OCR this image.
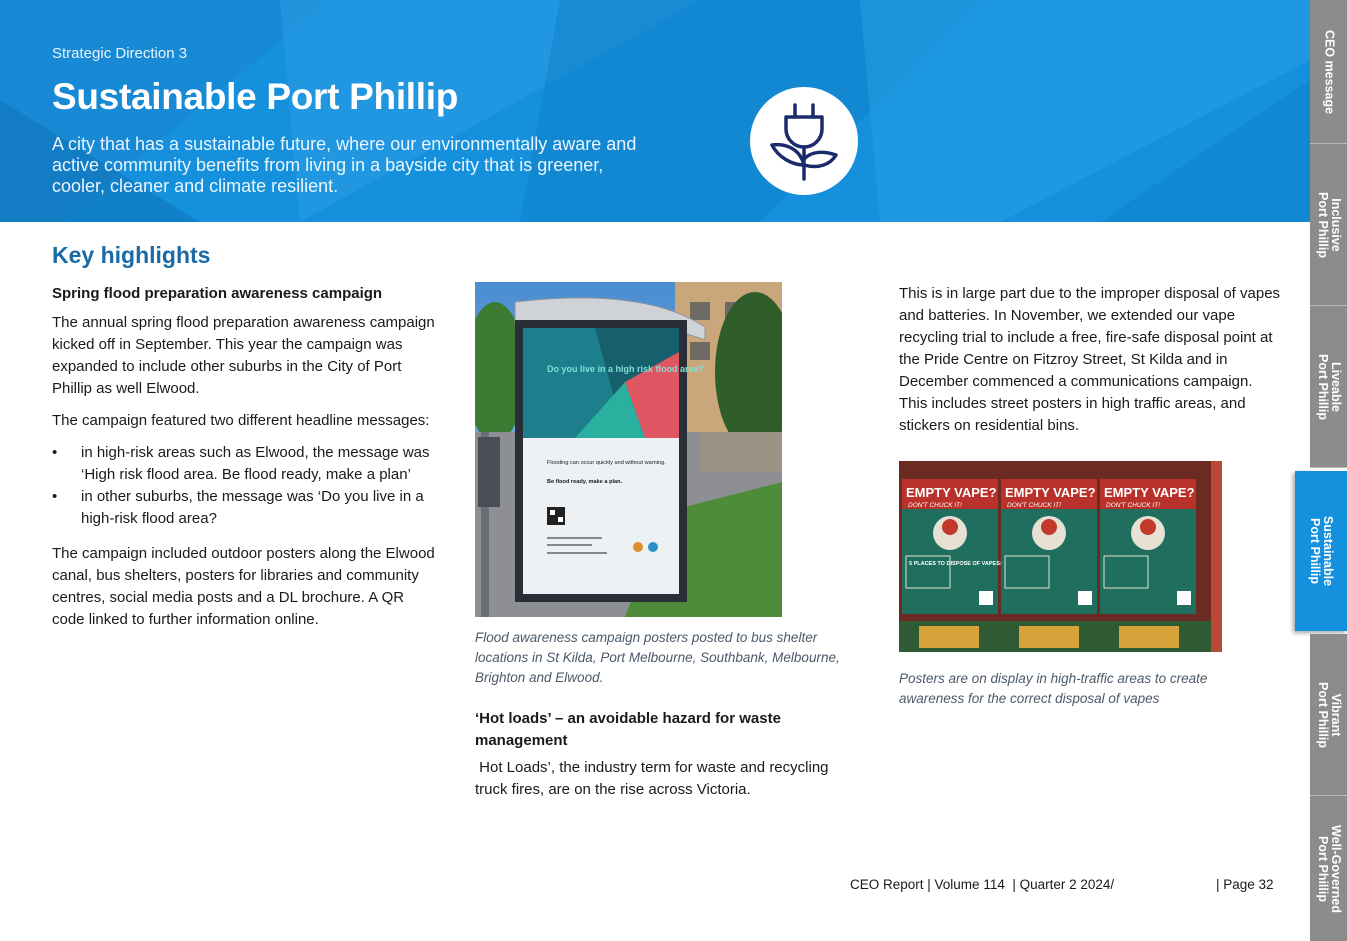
Strategic Direction 3
Sustainable Port Phillip
A city that has a sustainable future, where our environmentally aware and active community benefits from living in a bayside city that is greener, cooler, cleaner and climate resilient.
CEO message
Inclusive
Port Phillip
Liveable
Port Phillip
Sustainable
Port Phillip
Vibrant
Port Phillip
Well-Governed
Port Phillip
Key highlights
Spring flood preparation awareness campaign

The annual spring flood preparation awareness campaign kicked off in September. This year the campaign was expanded to include other suburbs in the City of Port Phillip as well Elwood.

The campaign featured two different headline messages:

• in high-risk areas such as Elwood, the message was ‘High risk flood area. Be flood ready, make a plan’
• in other suburbs, the message was ‘Do you live in a high-risk flood area?

The campaign included outdoor posters along the Elwood canal, bus shelters, posters for libraries and community centres, social media posts and a DL brochure. A QR code linked to further information online.

Do you live in a high risk flood area?
Flooding can occur quickly and without warning.
Be flood ready, make a plan.
Flood awareness campaign posters posted to bus shelter locations in St Kilda, Port Melbourne, Southbank, Melbourne, Brighton and Elwood.
‘Hot loads’ – an avoidable hazard for waste management

Hot Loads’, the industry term for waste and recycling truck fires, are on the rise across Victoria.

This is in large part due to the improper disposal of vapes and batteries. In November, we extended our vape recycling trial to include a free, fire-safe disposal point at the Pride Centre on Fitzroy Street, St Kilda and in December commenced a communications campaign. This includes street posters in high traffic areas, and stickers on residential bins.

EMPTY VAPE? EMPTY VAPE? EMPTY VAPE?
DON'T CHUCK IT!	DON'T CHUCK IT!	DON'T CHUCK IT!
5 PLACES TO DISPOSE OF VAPES:
Posters are on display in high-traffic areas to create awareness for the correct disposal of vapes
CEO Report | Volume 114  | Quarter 2 2024/	| Page 32
